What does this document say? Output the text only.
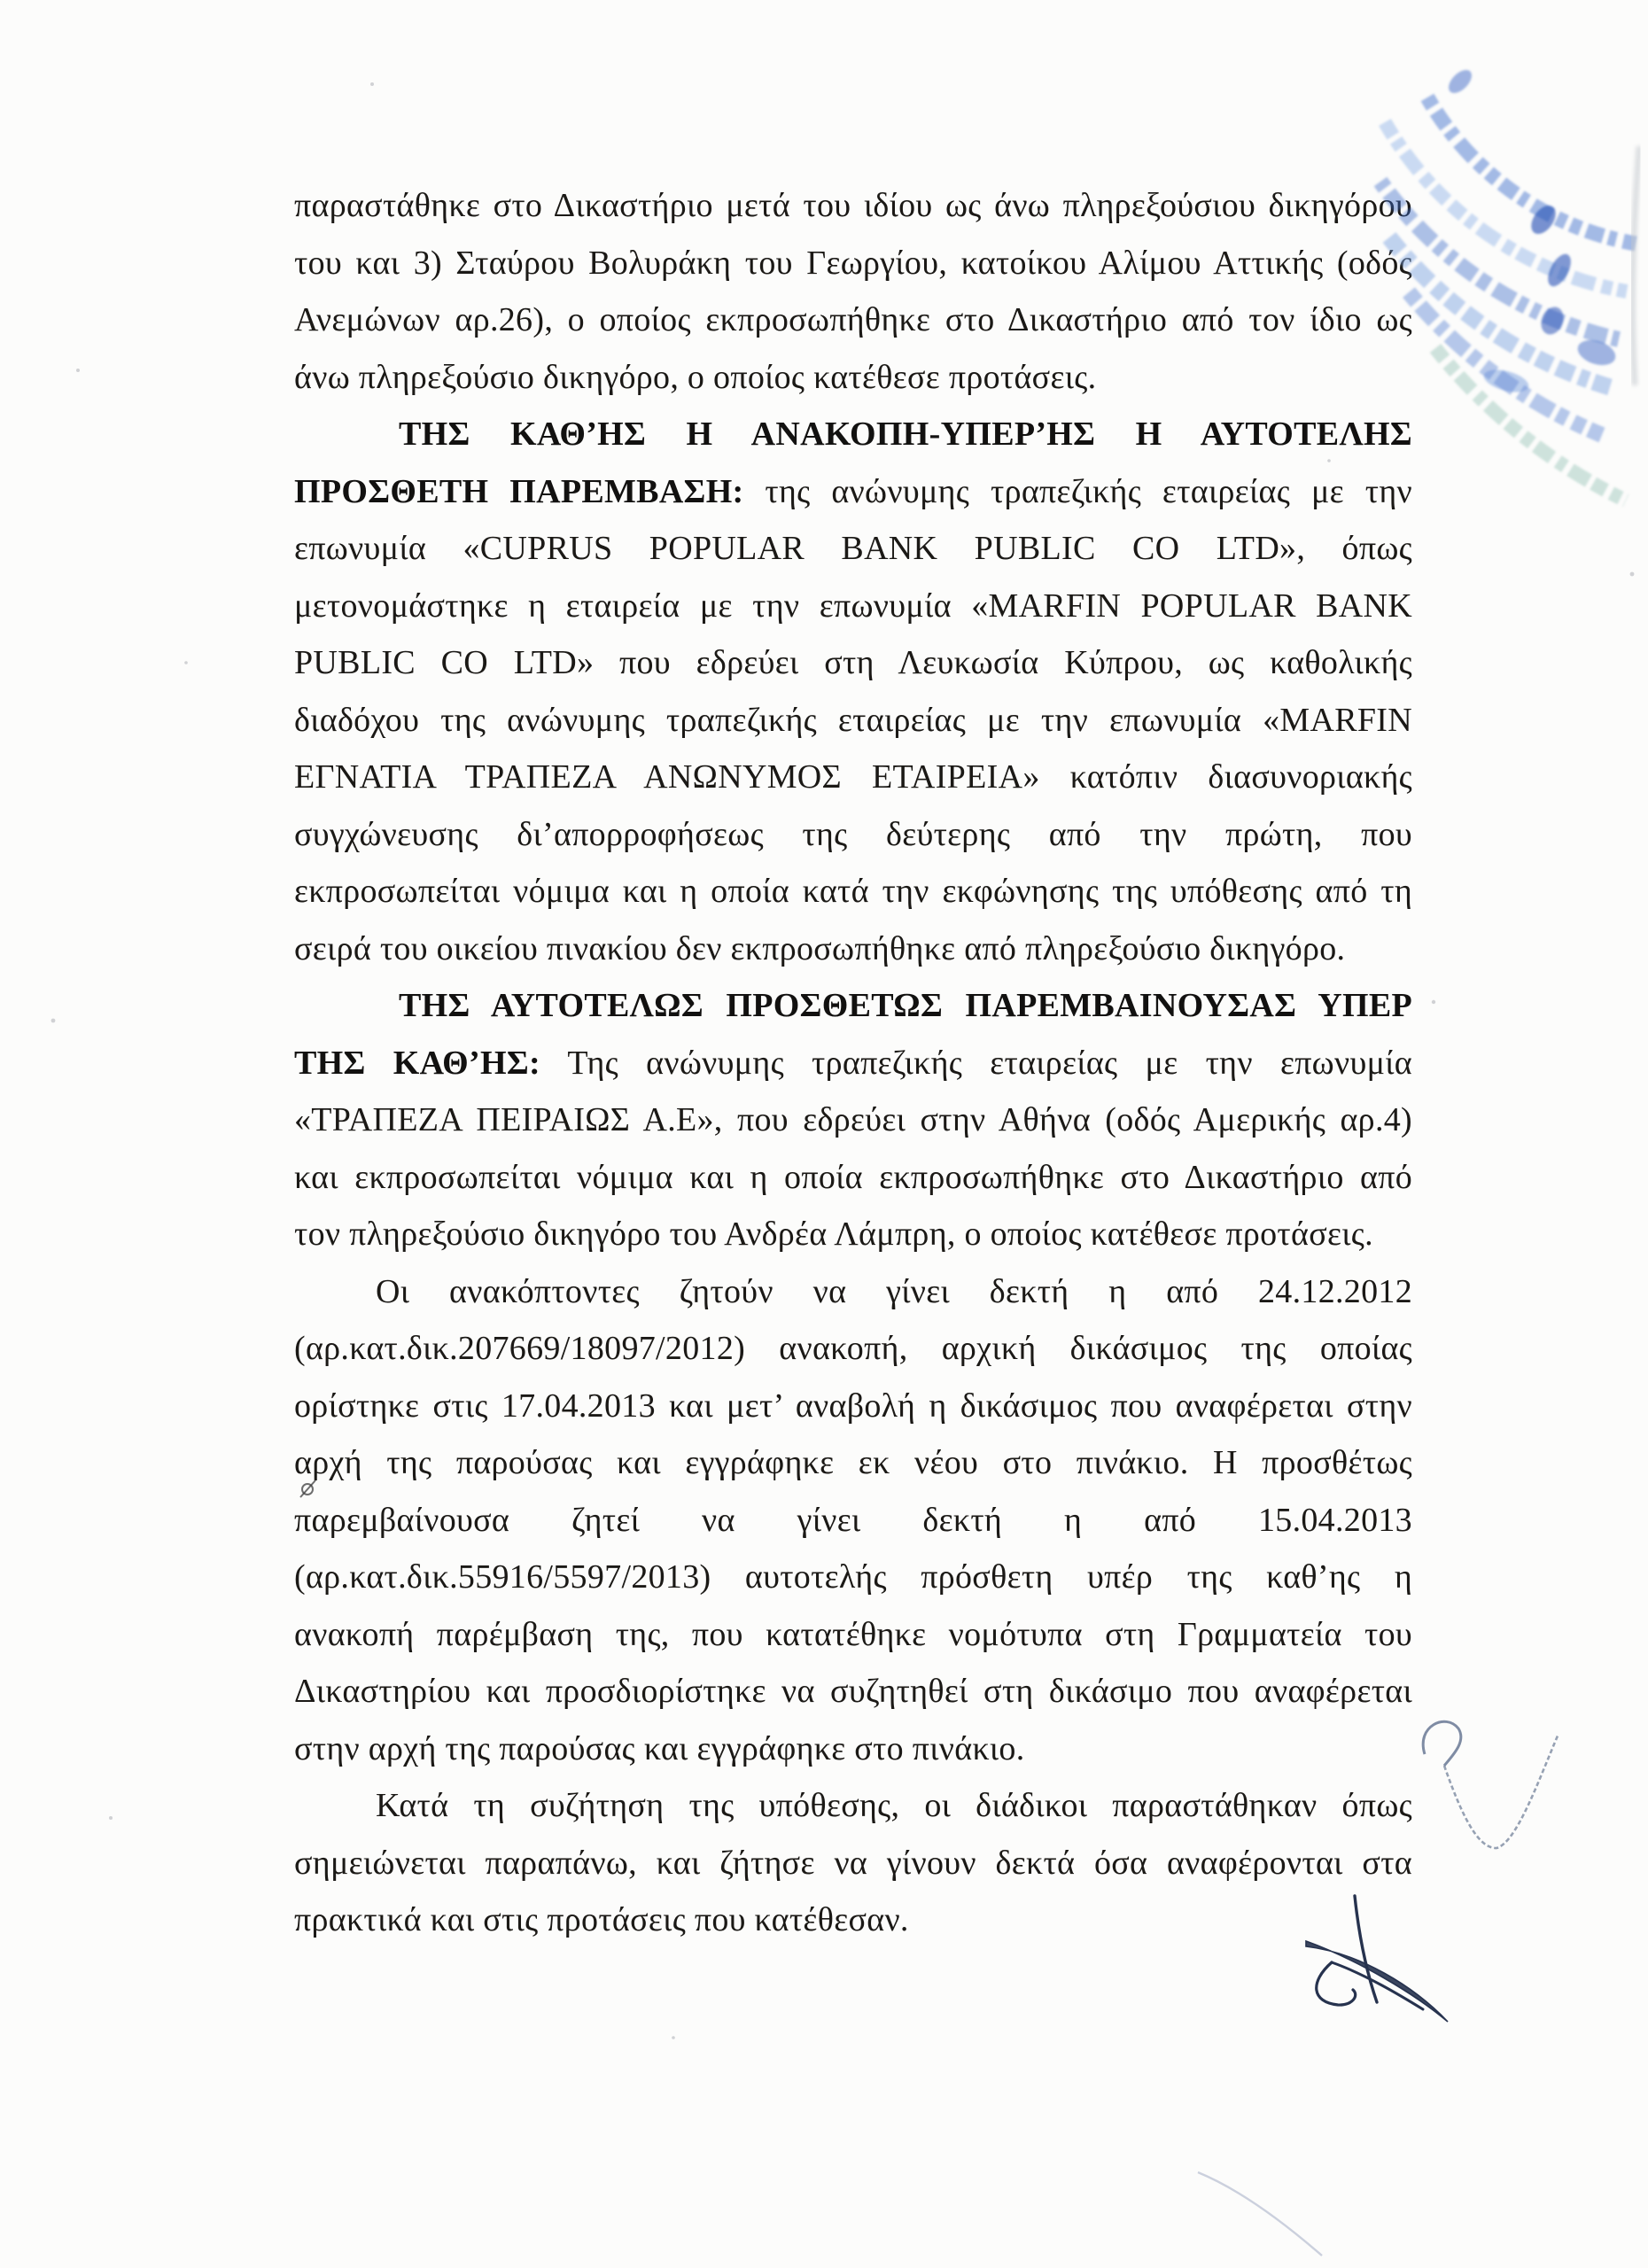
παραστάθηκε στο Δικαστήριο μετά του ιδίου ως άνω πληρεξούσιου δικηγόρου
του και 3) Σταύρου Βολυράκη του Γεωργίου, κατοίκου Αλίμου Αττικής (οδός
Ανεμώνων αρ.26), ο οποίος εκπροσωπήθηκε στο Δικαστήριο από τον ίδιο ως
άνω πληρεξούσιο δικηγόρο, ο οποίος κατέθεσε προτάσεις.
ΤΗΣ ΚΑΘ’ΗΣ Η ΑΝΑΚΟΠΗ-ΥΠΕΡ’ΗΣ Η ΑΥΤΟΤΕΛΗΣ
ΠΡΟΣΘΕΤΗ ΠΑΡΕΜΒΑΣΗ: της ανώνυμης τραπεζικής εταιρείας με την
επωνυμία «CUPRUS POPULAR BANK PUBLIC CO LTD», όπως
μετονομάστηκε η εταιρεία με την επωνυμία «MARFIN POPULAR BANK
PUBLIC CO LTD» που εδρεύει στη Λευκωσία Κύπρου, ως καθολικής
διαδόχου της ανώνυμης τραπεζικής εταιρείας με την επωνυμία «MARFIN
ΕΓΝΑΤΙΑ ΤΡΑΠΕΖΑ ΑΝΩΝΥΜΟΣ ΕΤΑΙΡΕΙΑ» κατόπιν διασυνοριακής
συγχώνευσης δι’απορροφήσεως της δεύτερης από την πρώτη, που
εκπροσωπείται νόμιμα και η οποία κατά την εκφώνησης της υπόθεσης από τη
σειρά του οικείου πινακίου δεν εκπροσωπήθηκε από πληρεξούσιο δικηγόρο.
ΤΗΣ ΑΥΤΟΤΕΛΩΣ ΠΡΟΣΘΕΤΩΣ ΠΑΡΕΜΒΑΙΝΟΥΣΑΣ ΥΠΕΡ
ΤΗΣ ΚΑΘ’ΗΣ: Της ανώνυμης τραπεζικής εταιρείας με την επωνυμία
«ΤΡΑΠΕΖΑ ΠΕΙΡΑΙΩΣ Α.Ε», που εδρεύει στην Αθήνα (οδός Αμερικής αρ.4)
και εκπροσωπείται νόμιμα και η οποία εκπροσωπήθηκε στο Δικαστήριο από
τον πληρεξούσιο δικηγόρο του Ανδρέα Λάμπρη, ο οποίος κατέθεσε προτάσεις.
Οι ανακόπτοντες ζητούν να γίνει δεκτή η από 24.12.2012
(αρ.κατ.δικ.207669/18097/2012) ανακοπή, αρχική δικάσιμος της οποίας
ορίστηκε στις 17.04.2013 και μετ’ αναβολή η δικάσιμος που αναφέρεται στην
αρχή της παρούσας και εγγράφηκε εκ νέου στο πινάκιο. Η προσθέτως
παρεμβαίνουσα ζητεί να γίνει δεκτή η από 15.04.2013
(αρ.κατ.δικ.55916/5597/2013) αυτοτελής πρόσθετη υπέρ της καθ’ης η
ανακοπή παρέμβαση της, που κατατέθηκε νομότυπα στη Γραμματεία του
Δικαστηρίου και προσδιορίστηκε να συζητηθεί στη δικάσιμο που αναφέρεται
στην αρχή της παρούσας και εγγράφηκε στο πινάκιο.
Κατά τη συζήτηση της υπόθεσης, οι διάδικοι παραστάθηκαν όπως
σημειώνεται παραπάνω, και ζήτησε να γίνουν δεκτά όσα αναφέρονται στα
πρακτικά και στις προτάσεις που κατέθεσαν.
